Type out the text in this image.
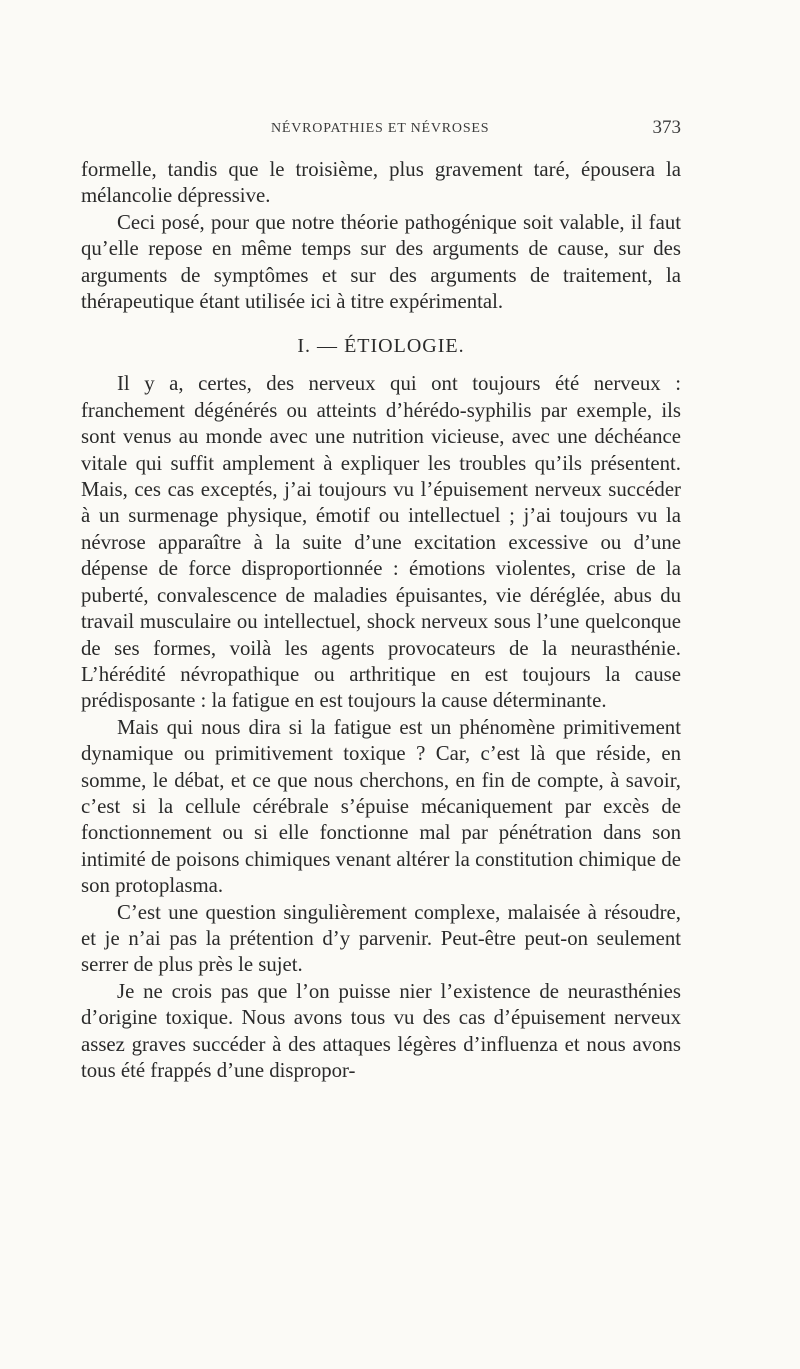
NÉVROPATHIES ET NÉVROSES	373

formelle, tandis que le troisième, plus gravement taré, épousera la mélancolie dépressive.

Ceci posé, pour que notre théorie pathogénique soit valable, il faut qu’elle repose en même temps sur des arguments de cause, sur des arguments de symptômes et sur des arguments de traitement, la thérapeutique étant utilisée ici à titre expérimental.

I. — ÉTIOLOGIE.

Il y a, certes, des nerveux qui ont toujours été nerveux : franchement dégénérés ou atteints d’hérédo-syphilis par exemple, ils sont venus au monde avec une nutrition vicieuse, avec une déchéance vitale qui suffit amplement à expliquer les troubles qu’ils présentent. Mais, ces cas exceptés, j’ai toujours vu l’épuisement nerveux succéder à un surmenage physique, émotif ou intellectuel ; j’ai toujours vu la névrose apparaître à la suite d’une excitation excessive ou d’une dépense de force disproportionnée : émotions violentes, crise de la puberté, convalescence de maladies épuisantes, vie déréglée, abus du travail musculaire ou intellectuel, shock nerveux sous l’une quelconque de ses formes, voilà les agents provocateurs de la neurasthénie. L’hérédité névropathique ou arthritique en est toujours la cause prédisposante : la fatigue en est toujours la cause déterminante.

Mais qui nous dira si la fatigue est un phénomène primitivement dynamique ou primitivement toxique ? Car, c’est là que réside, en somme, le débat, et ce que nous cherchons, en fin de compte, à savoir, c’est si la cellule cérébrale s’épuise mécaniquement par excès de fonctionnement ou si elle fonctionne mal par pénétration dans son intimité de poisons chimiques venant altérer la constitution chimique de son protoplasma.

C’est une question singulièrement complexe, malaisée à résoudre, et je n’ai pas la prétention d’y parvenir. Peut-être peut-on seulement serrer de plus près le sujet.

Je ne crois pas que l’on puisse nier l’existence de neurasthénies d’origine toxique. Nous avons tous vu des cas d’épuisement nerveux assez graves succéder à des attaques légères d’influenza et nous avons tous été frappés d’une dispropor-
